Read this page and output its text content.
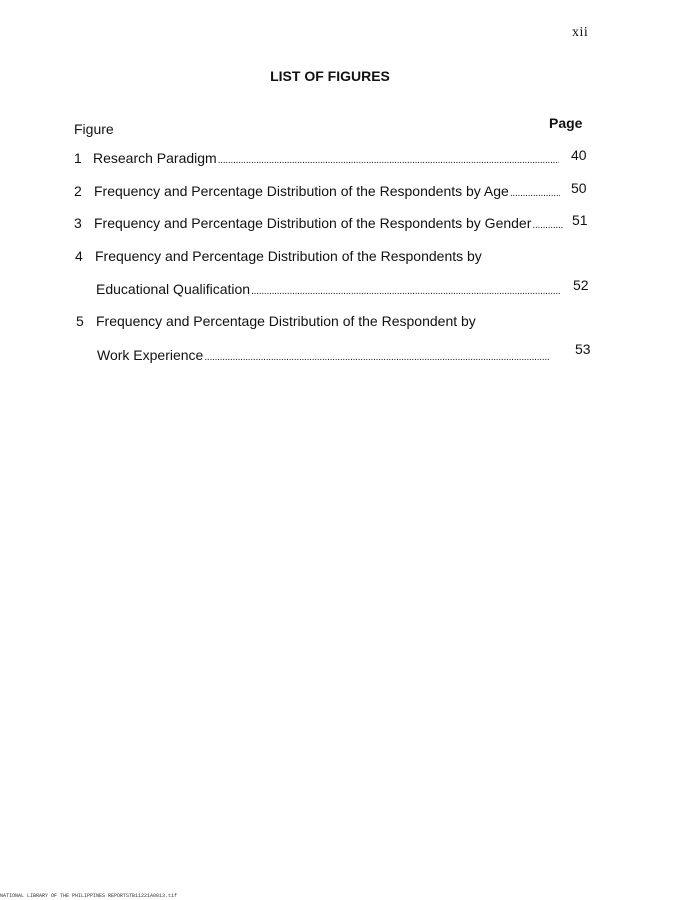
xii
LIST OF FIGURES
Figure	Page
1 Research Paradigm . . .	40
2 Frequency and Percentage Distribution of the Respondents by Age . . .	50
3 Frequency and Percentage Distribution of the Respondents by Gender . . .	51
4 Frequency and Percentage Distribution of the Respondents by
Educational Qualification . . .	52
5 Frequency and Percentage Distribution of the Respondent by
Work Experience . . .	53
NATIONAL LIBRARY OF THE PHILIPPINES REPORTSTB11221A0013.tif
